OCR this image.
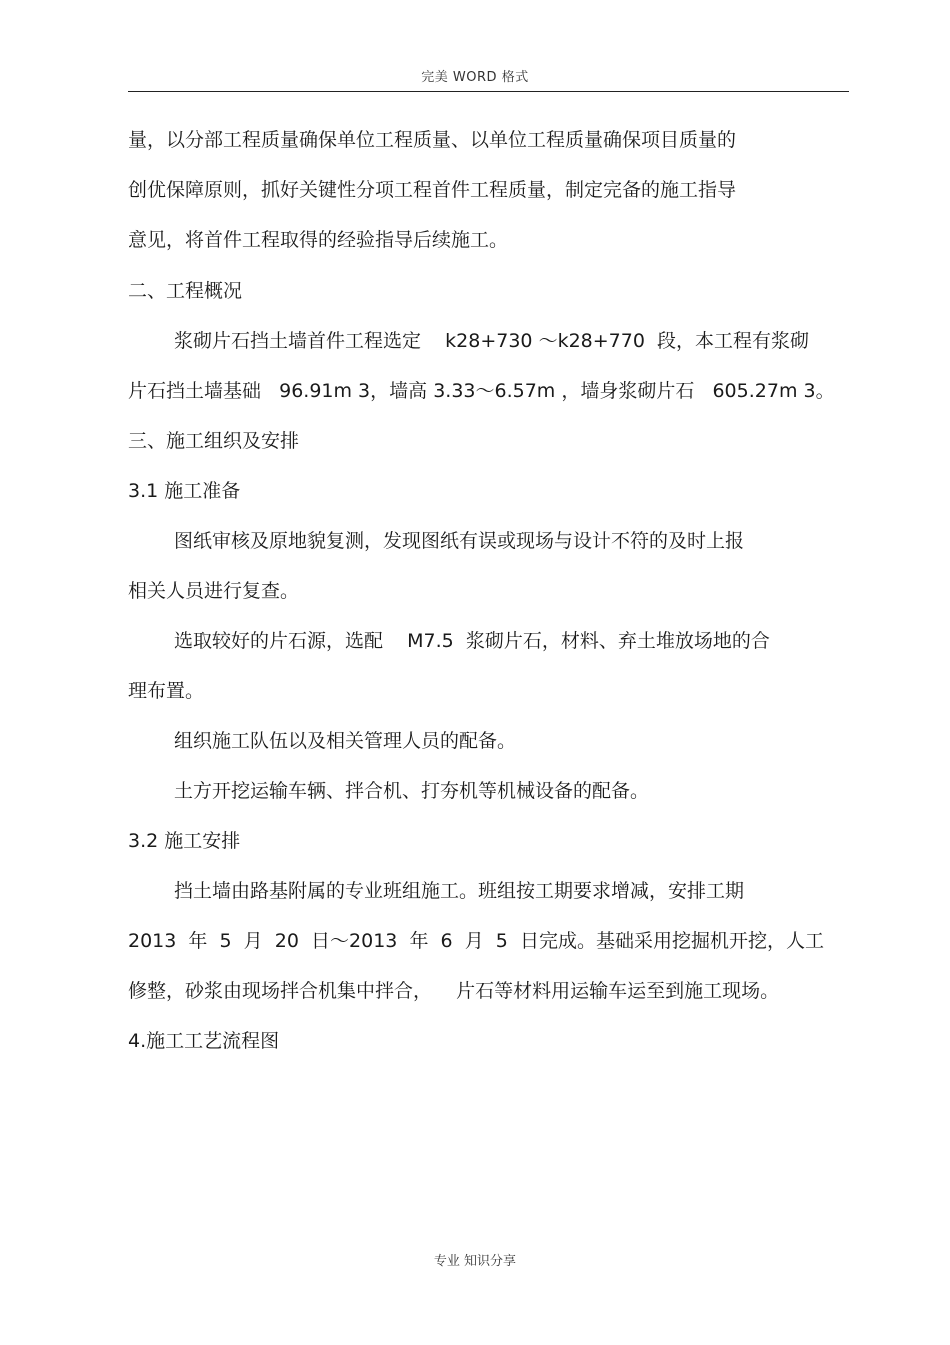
完美 WORD 格式
量，以分部工程质量确保单位工程质量、以单位工程质量确保项目质量的
创优保障原则，抓好关键性分项工程首件工程质量，制定完备的施工指导
意见，将首件工程取得的经验指导后续施工。
二、工程概况
浆砌片石挡土墙首件工程选定    k28+730 ～k28+770  段，本工程有浆砌
片石挡土墙基础   96.91m 3，墙高 3.33～6.57m ，墙身浆砌片石   605.27m 3。
三、施工组织及安排
3.1 施工准备
图纸审核及原地貌复测，发现图纸有误或现场与设计不符的及时上报
相关人员进行复查。
选取较好的片石源，选配    M7.5  浆砌片石，材料、弃土堆放场地的合
理布置。
组织施工队伍以及相关管理人员的配备。
土方开挖运输车辆、拌合机、打夯机等机械设备的配备。
3.2 施工安排
挡土墙由路基附属的专业班组施工。班组按工期要求增减，安排工期
2013  年  5  月  20  日～2013  年  6  月  5  日完成。基础采用挖掘机开挖，人工
修整，砂浆由现场拌合机集中拌合，    片石等材料用运输车运至到施工现场。
4.施工工艺流程图
专业 知识分享
